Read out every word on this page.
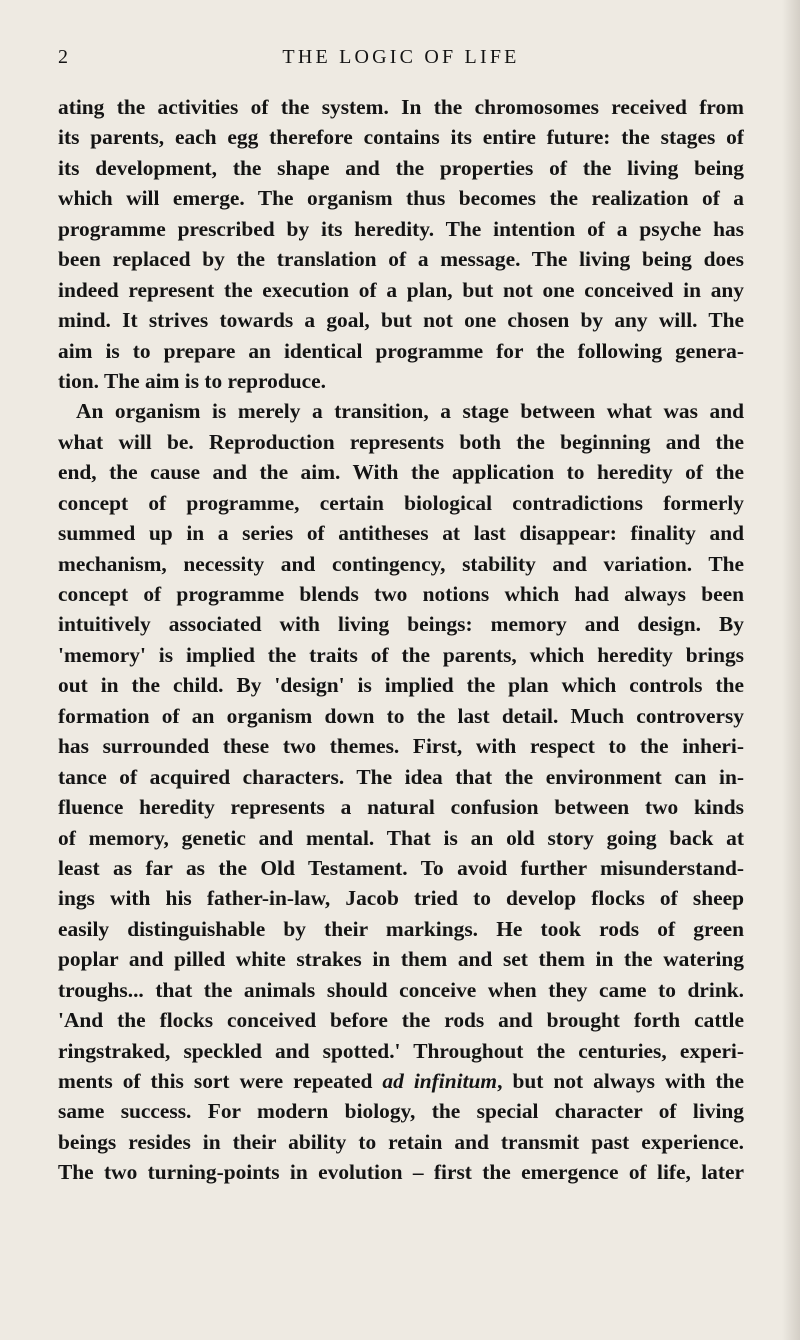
2	THE LOGIC OF LIFE
ating the activities of the system. In the chromosomes received from
its parents, each egg therefore contains its entire future: the stages of
its development, the shape and the properties of the living being
which will emerge. The organism thus becomes the realization of a
programme prescribed by its heredity. The intention of a psyche has
been replaced by the translation of a message. The living being does
indeed represent the execution of a plan, but not one conceived in any
mind. It strives towards a goal, but not one chosen by any will. The
aim is to prepare an identical programme for the following genera-
tion. The aim is to reproduce.
An organism is merely a transition, a stage between what was and
what will be. Reproduction represents both the beginning and the
end, the cause and the aim. With the application to heredity of the
concept of programme, certain biological contradictions formerly
summed up in a series of antitheses at last disappear: finality and
mechanism, necessity and contingency, stability and variation. The
concept of programme blends two notions which had always been
intuitively associated with living beings: memory and design. By
'memory' is implied the traits of the parents, which heredity brings
out in the child. By 'design' is implied the plan which controls the
formation of an organism down to the last detail. Much controversy
has surrounded these two themes. First, with respect to the inheri-
tance of acquired characters. The idea that the environment can in-
fluence heredity represents a natural confusion between two kinds
of memory, genetic and mental. That is an old story going back at
least as far as the Old Testament. To avoid further misunderstand-
ings with his father-in-law, Jacob tried to develop flocks of sheep
easily distinguishable by their markings. He took rods of green
poplar and pilled white strakes in them and set them in the watering
troughs... that the animals should conceive when they came to drink.
'And the flocks conceived before the rods and brought forth cattle
ringstraked, speckled and spotted.' Throughout the centuries, experi-
ments of this sort were repeated ad infinitum, but not always with the
same success. For modern biology, the special character of living
beings resides in their ability to retain and transmit past experience.
The two turning-points in evolution – first the emergence of life, later
